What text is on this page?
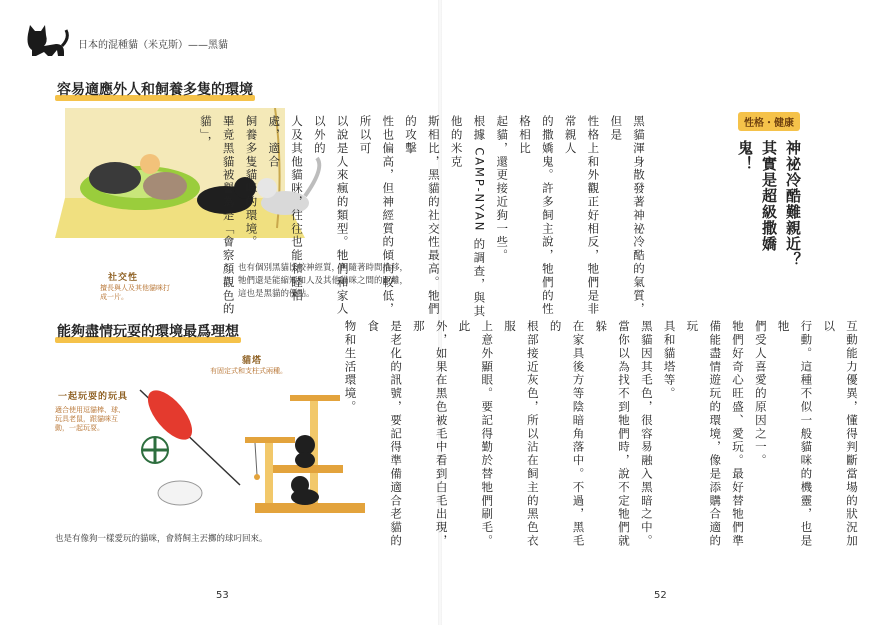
日本的混種貓（米克斯）——黑貓
容易適應外人和飼養多隻的環境
社交性
擅長與人及其他貓咪打成一片。
也有個別黑貓比較神經質，但隨著時間推移，牠們還是能縮短和人及其他貓咪之間的距離，這也是黑貓的優點。
能夠盡情玩耍的環境最爲理想
貓塔
有固定式和支柱式兩種。
一起玩耍的玩具
適合使用逗貓棒、球、玩具老鼠，跟貓咪互動，一起玩耍。
也是有像狗一樣愛玩的貓咪，會將飼主丟擲的球叼回來。
53
性格・健康
神祕冷酷難親近？
其實是超級撒嬌鬼！
黑貓渾身散發著神祕冷酷的氣質，但是
性格上和外觀正好相反，牠們是非常親人
的撒嬌鬼。許多飼主說，牠們的性格相比
起貓，還更接近狗一些。
根據 CAMP-NYAN 的調查，與其他的米克
斯相比，黑貓的社交性最高。牠們的攻擊
性也偏高，但神經質的傾向較低，所以可
以說是人來瘋的類型。牠們和家人以外的
人及其他貓咪，往往也能和睦相處，適合
飼養多隻貓咪的環境。
畢竟黑貓被譽為是「會察顏觀色的貓」，
互動能力優異，懂得判斷當場的狀況加以
行動。這種不似一般貓咪的機靈，也是牠
們受人喜愛的原因之一。
牠們好奇心旺盛、愛玩。最好替牠們準
備能盡情遊玩的環境，像是添購合適的玩
具和貓塔等。
黑貓因其毛色，很容易融入黑暗之中。
當你以為找不到牠們時，說不定牠們就躲
在家具後方等陰暗角落中。不過，黑毛的
根部接近灰色，所以沾在飼主的黑色衣服
上意外顯眼。要記得勤於替牠們刷毛。此
外，如果在黑色被毛中看到白毛出現，那
是老化的訊號，要記得準備適合老貓的食
物和生活環境。
52
